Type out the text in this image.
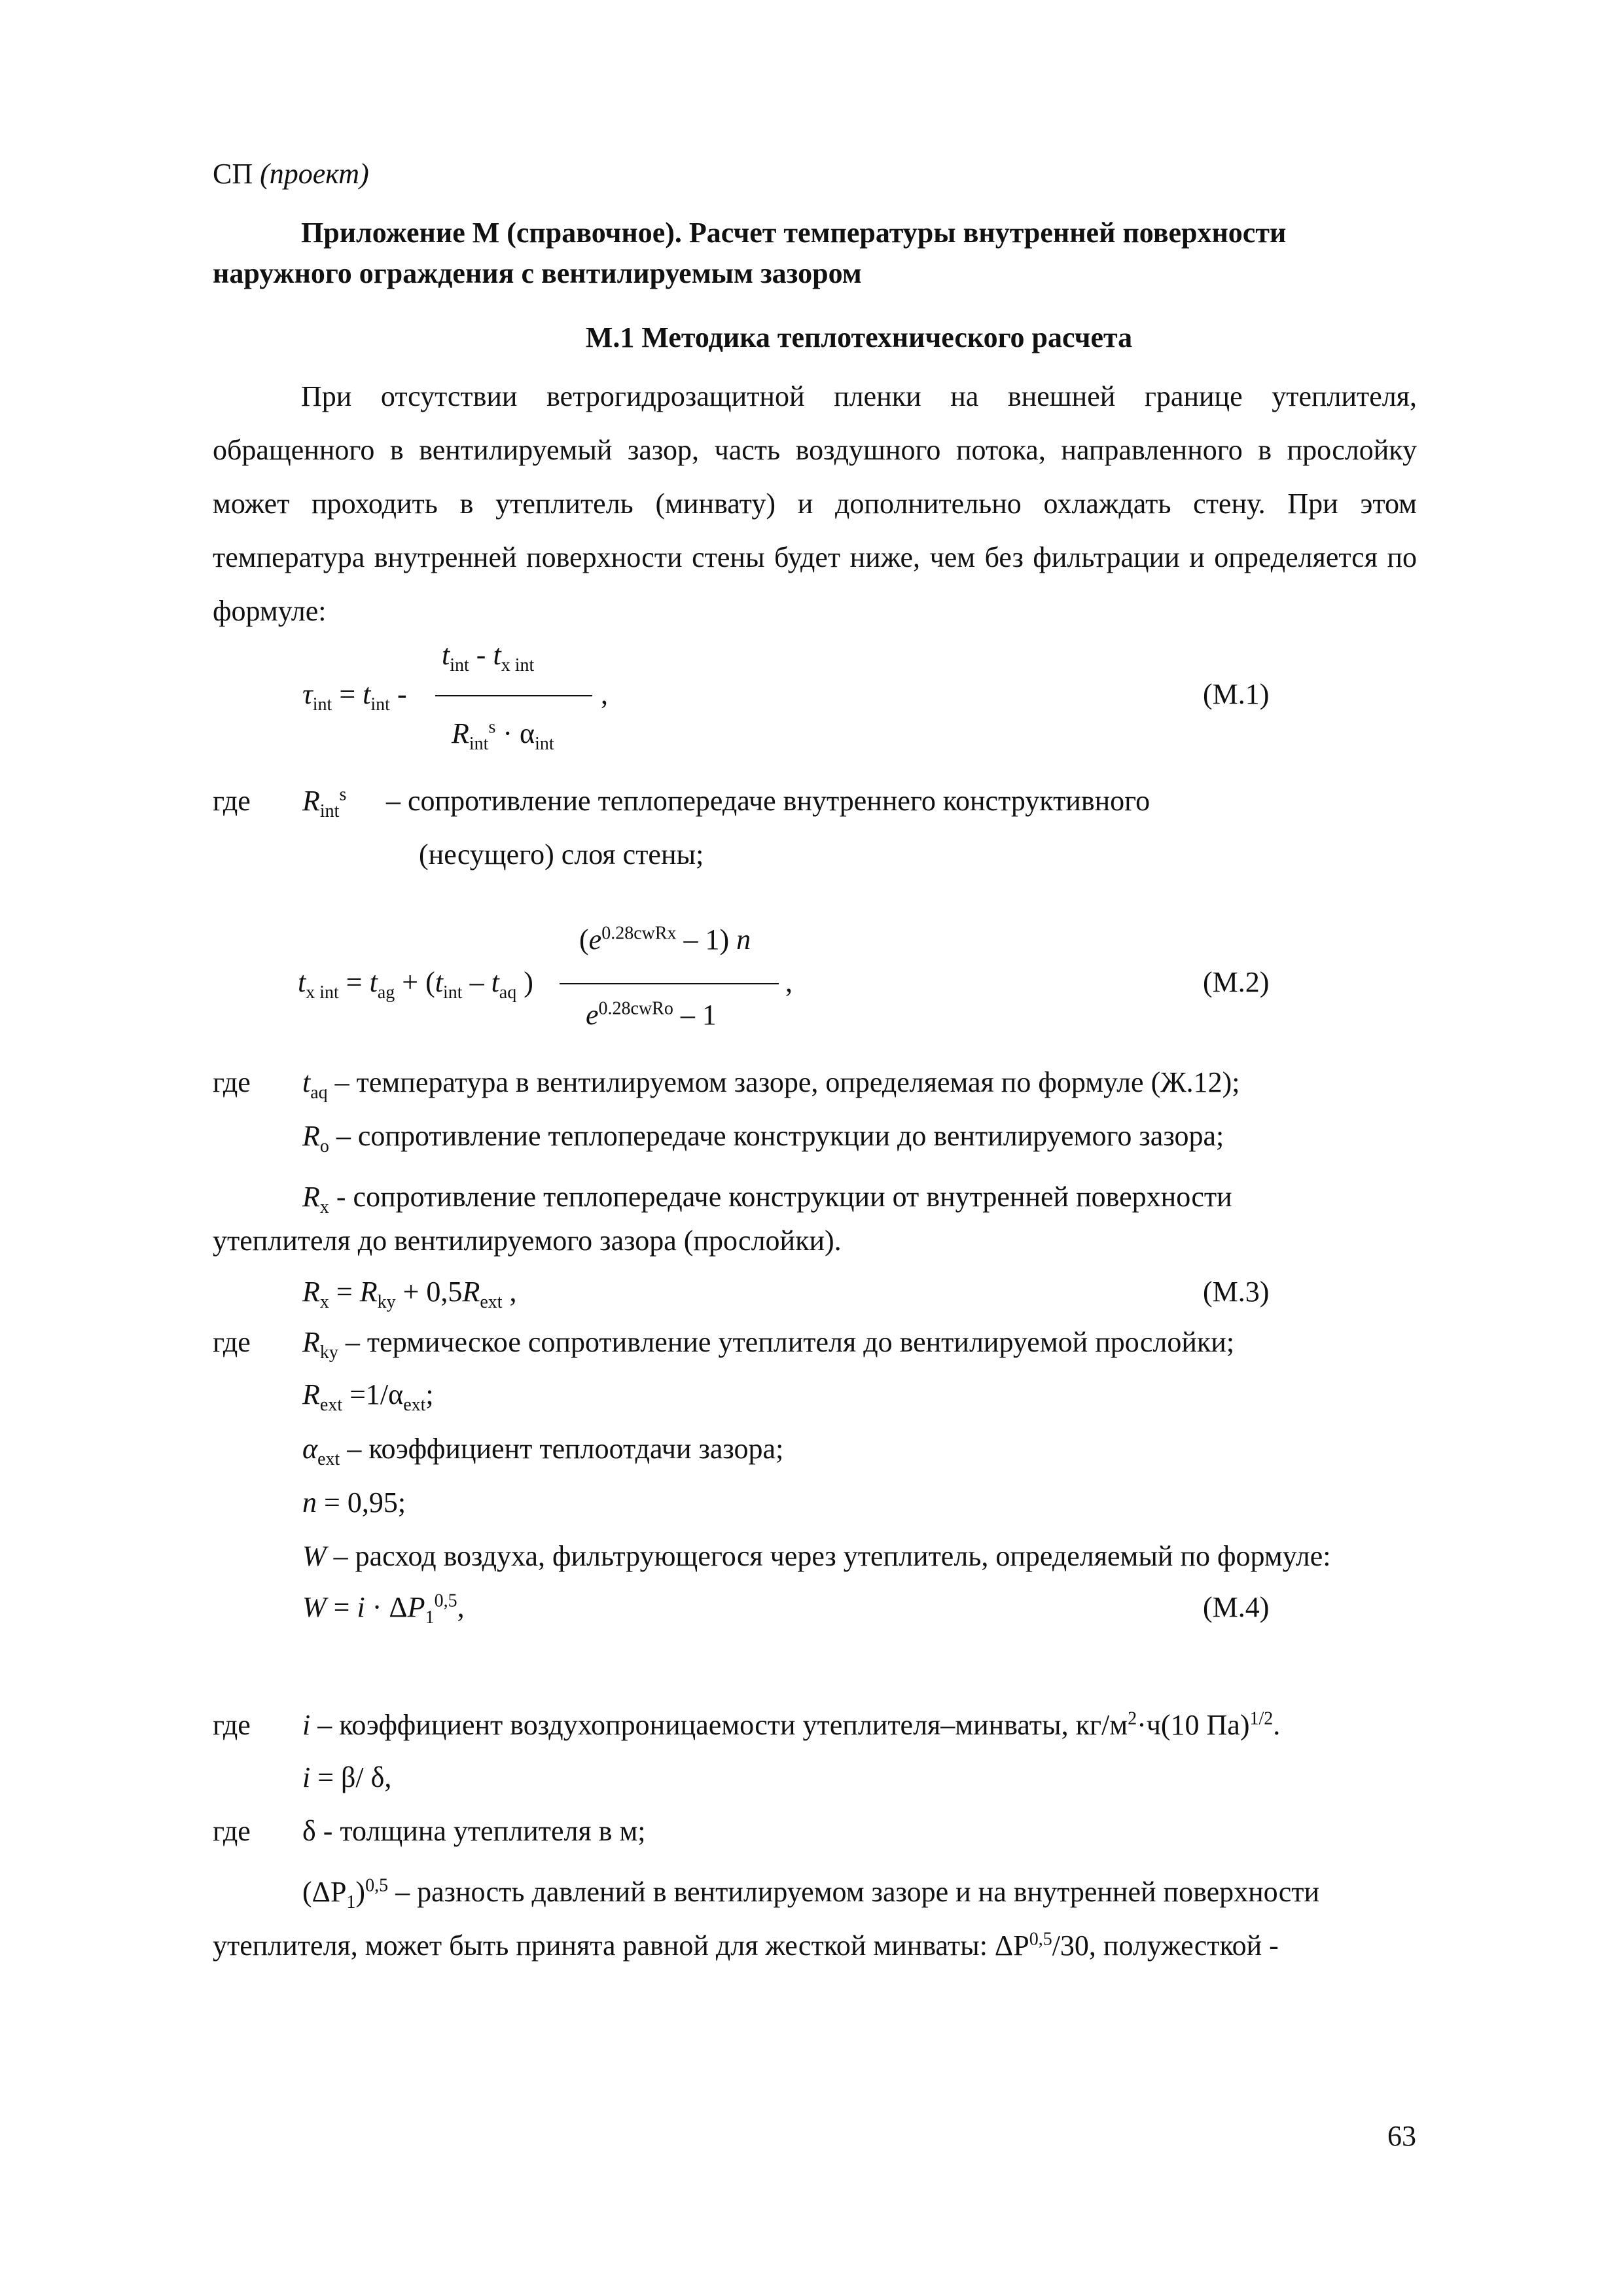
СП (проект)
Приложение М (справочное). Расчет температуры внутренней поверхности
наружного ограждения с вентилируемым зазором
М.1 Методика теплотехнического расчета
При отсутствии ветрогидрозащитной пленки на внешней границе утеплителя, обращенного в вентилируемый зазор, часть воздушного потока, направленного в прослойку может проходить в утеплитель (минвату) и дополнительно охлаждать стену. При этом температура внутренней поверхности стены будет ниже, чем без фильтрации и определяется по формуле:
$t_{int} - t_{x int}$
$\tau_{int} = t_{int}$ -	,
$R_{int}^s \cdot \alpha_{int}$
(М.1)
где $R_{int}^s$ – сопротивление теплопередаче внутреннего конструктивного
(несущего) слоя стены;
$(e^{0.28cwRx} - 1)$ n
$t_{x int} = t_{ag} + (t_{int} - t_{aq}$ )	,
$e^{0.28cwRo} - 1$
(М.2)
где $t_{aq}$ – температура в вентилируемом зазоре, определяемая по формуле (Ж.12);
$R_o$ – сопротивление теплопередаче конструкции до вентилируемого зазора;
$R_x$ - сопротивление теплопередаче конструкции от внутренней поверхности
утеплителя до вентилируемого зазора (прослойки).
$R_x = R_{ky} + 0,5R_{ext}$ ,	(М.3)
где $R_{ky}$ – термическое сопротивление утеплителя до вентилируемой прослойки;
$R_{ext} =1/\alpha_{ext}$;
$\alpha_{ext}$ – коэффициент теплоотдачи зазора;
n = 0,95;
W – расход воздуха, фильтрующегося через утеплитель, определяемый по формуле:
$W = i \cdot \Delta P_1^{0,5}$,	(М.4)
где i – коэффициент воздухопроницаемости утеплителя–минваты, $кг/м^2\cdot ч(10$ Па)$^{1/2}$.
i = β/ δ,
где δ - толщина утеплителя в м;
$(\Delta P_1)^{0,5}$ – разность давлений в вентилируемом зазоре и на внутренней поверхности
утеплителя, может быть принята равной для жесткой минваты: ΔP$^{0,5}$/30, полужесткой -
63
